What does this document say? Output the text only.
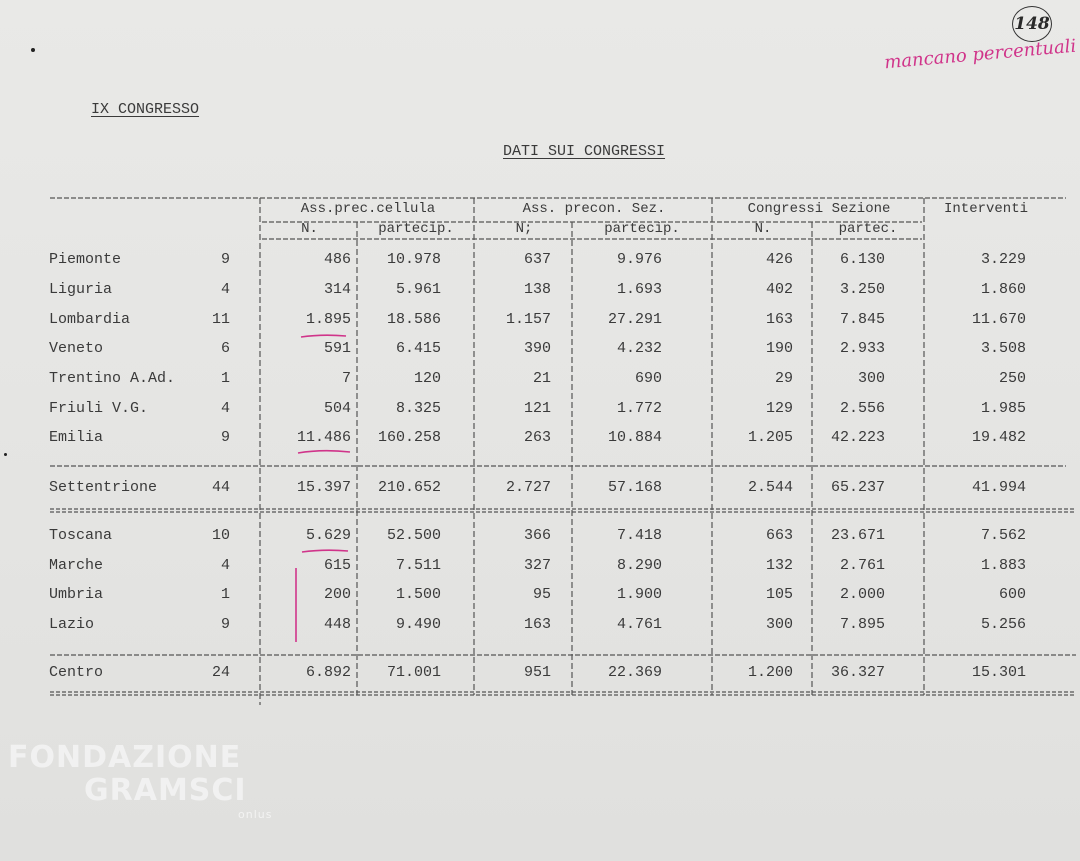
148
mancano percentuali
IX CONGRESSO
DATI SUI CONGRESSI
Ass.prec.cellula	Ass. precon. Sez.	Congressi Sezione	Interventi
N.	partecip.	N;	partecip.	N.	partec.
Piemonte	9	486	10.978	637	9.976	426	6.130	3.229
Liguria	4	314	5.961	138	1.693	402	3.250	1.860
Lombardia	11	1.895	18.586	1.157	27.291	163	7.845	11.670
Veneto	6	591	6.415	390	4.232	190	2.933	3.508
Trentino A.Ad.	1	7	120	21	690	29	300	250
Friuli V.G.	4	504	8.325	121	1.772	129	2.556	1.985
Emilia	9	11.486	160.258	263	10.884	1.205	42.223	19.482
Settentrione	44	15.397	210.652	2.727	57.168	2.544	65.237	41.994
Toscana	10	5.629	52.500	366	7.418	663	23.671	7.562
Marche	4	615	7.511	327	8.290	132	2.761	1.883
Umbria	1	200	1.500	95	1.900	105	2.000	600
Lazio	9	448	9.490	163	4.761	300	7.895	5.256
Centro	24	6.892	71.001	951	22.369	1.200	36.327	15.301
FONDAZIONE
GRAMSCI
onlus
